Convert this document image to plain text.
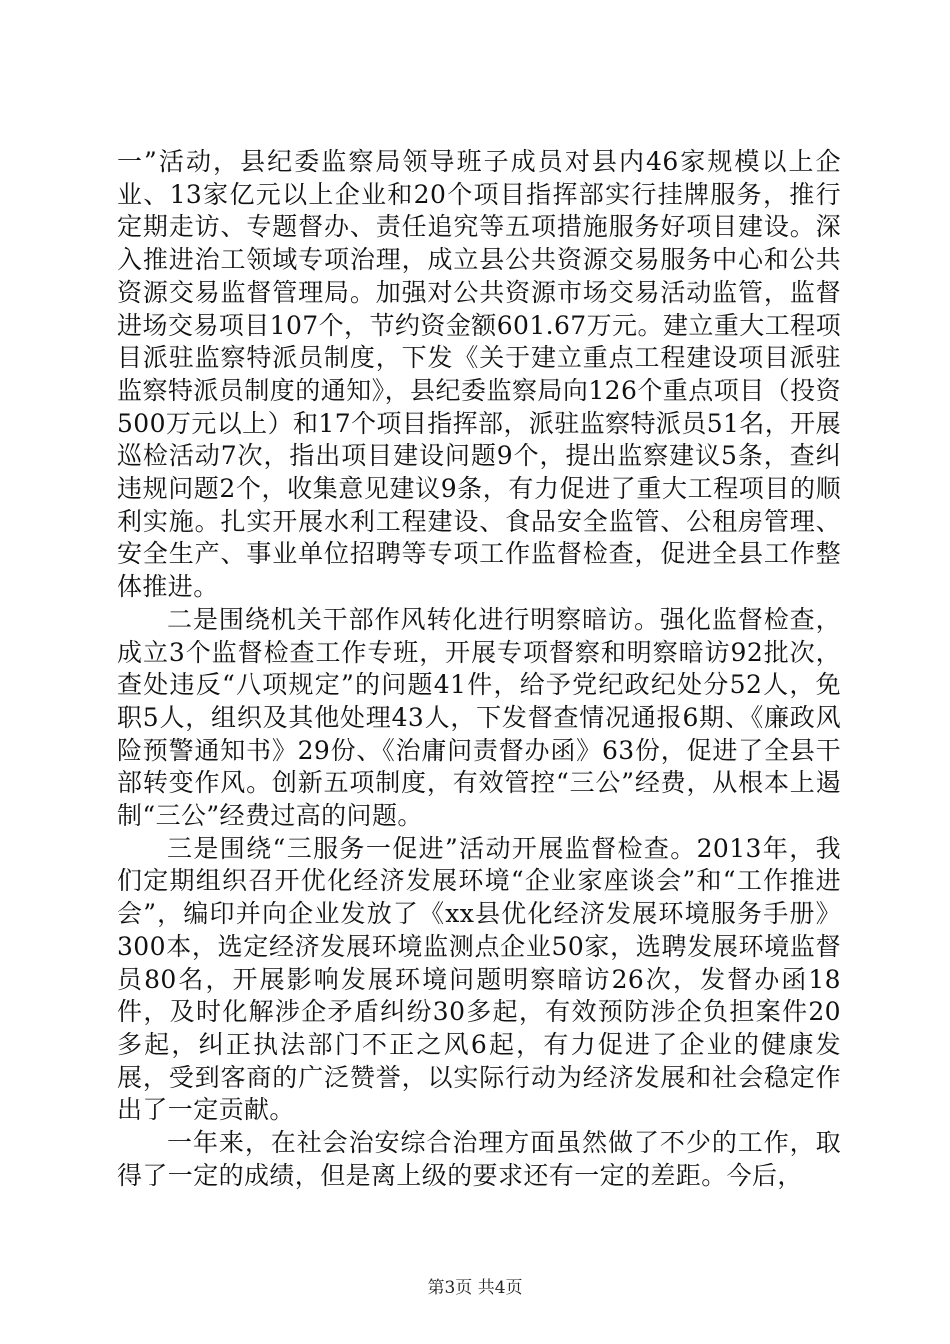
一”活动，县纪委监察局领导班子成员对县内46家规模以上企业、13家亿元以上企业和20个项目指挥部实行挂牌服务，推行定期走访、专题督办、责任追究等五项措施服务好项目建设。深入推进治工领域专项治理，成立县公共资源交易服务中心和公共资源交易监督管理局。加强对公共资源市场交易活动监管，监督进场交易项目107个，节约资金额601.67万元。建立重大工程项目派驻监察特派员制度，下发《关于建立重点工程建设项目派驻监察特派员制度的通知》，县纪委监察局向126个重点项目（投资500万元以上）和17个项目指挥部，派驻监察特派员51名，开展巡检活动7次，指出项目建设问题9个，提出监察建议5条，查纠违规问题2个，收集意见建议9条，有力促进了重大工程项目的顺利实施。扎实开展水利工程建设、食品安全监管、公租房管理、安全生产、事业单位招聘等专项工作监督检查，促进全县工作整体推进。

二是围绕机关干部作风转化进行明察暗访。强化监督检查，成立3个监督检查工作专班，开展专项督察和明察暗访92批次，查处违反“八项规定”的问题41件，给予党纪政纪处分52人，免职5人，组织及其他处理43人，下发督查情况通报6期、《廉政风险预警通知书》29份、《治庸问责督办函》63份，促进了全县干部转变作风。创新五项制度，有效管控“三公”经费，从根本上遏制“三公”经费过高的问题。

三是围绕“三服务一促进”活动开展监督检查。2013年，我们定期组织召开优化经济发展环境“企业家座谈会”和“工作推进会”，编印并向企业发放了《xx县优化经济发展环境服务手册》300本，选定经济发展环境监测点企业50家，选聘发展环境监督员80名，开展影响发展环境问题明察暗访26次，发督办函18件，及时化解涉企矛盾纠纷30多起，有效预防涉企负担案件20多起，纠正执法部门不正之风6起，有力促进了企业的健康发展，受到客商的广泛赞誉，以实际行动为经济发展和社会稳定作出了一定贡献。

一年来，在社会治安综合治理方面虽然做了不少的工作，取得了一定的成绩，但是离上级的要求还有一定的差距。今后，

第3页 共4页
